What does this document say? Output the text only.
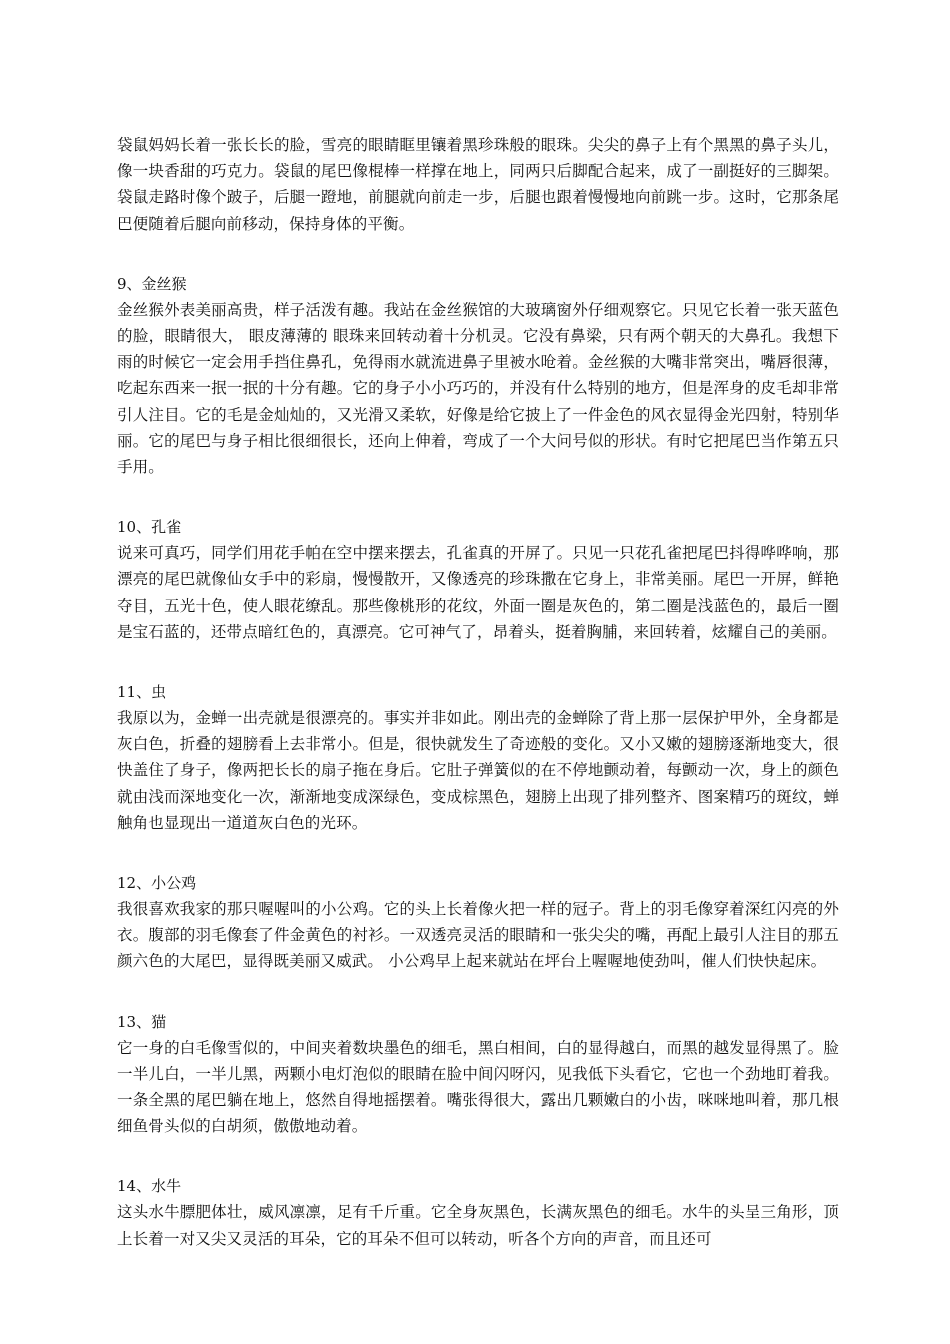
袋鼠妈妈长着一张长长的脸，雪亮的眼睛眶里镶着黑珍珠般的眼珠。尖尖的鼻子上有个黑黑的鼻子头儿，像一块香甜的巧克力。袋鼠的尾巴像棍棒一样撑在地上，同两只后脚配合起来，成了一副挺好的三脚架。袋鼠走路时像个跛子，后腿一蹬地，前腿就向前走一步，后腿也跟着慢慢地向前跳一步。这时，它那条尾巴便随着后腿向前移动，保持身体的平衡。

9、金丝猴

金丝猴外表美丽高贵，样子活泼有趣。我站在金丝猴馆的大玻璃窗外仔细观察它。只见它长着一张天蓝色的脸，眼睛很大， 眼皮薄薄的 眼珠来回转动着十分机灵。它没有鼻梁，只有两个朝天的大鼻孔。我想下雨的时候它一定会用手挡住鼻孔，免得雨水就流进鼻子里被水呛着。金丝猴的大嘴非常突出，嘴唇很薄，吃起东西来一抿一抿的十分有趣。它的身子小小巧巧的，并没有什么特别的地方，但是浑身的皮毛却非常引人注目。它的毛是金灿灿的，又光滑又柔软，好像是给它披上了一件金色的风衣显得金光四射，特别华丽。它的尾巴与身子相比很细很长，还向上伸着，弯成了一个大问号似的形状。有时它把尾巴当作第五只手用。

10、孔雀

说来可真巧，同学们用花手帕在空中摆来摆去，孔雀真的开屏了。只见一只花孔雀把尾巴抖得哗哗响，那漂亮的尾巴就像仙女手中的彩扇，慢慢散开，又像透亮的珍珠撒在它身上，非常美丽。尾巴一开屏，鲜艳夺目，五光十色，使人眼花缭乱。那些像桃形的花纹，外面一圈是灰色的，第二圈是浅蓝色的，最后一圈是宝石蓝的，还带点暗红色的，真漂亮。它可神气了，昂着头，挺着胸脯，来回转着，炫耀自己的美丽。

11、虫

我原以为，金蝉一出壳就是很漂亮的。事实并非如此。刚出壳的金蝉除了背上那一层保护甲外，全身都是灰白色，折叠的翅膀看上去非常小。但是，很快就发生了奇迹般的变化。又小又嫩的翅膀逐渐地变大，很快盖住了身子，像两把长长的扇子拖在身后。它肚子弹簧似的在不停地颤动着，每颤动一次，身上的颜色就由浅而深地变化一次，渐渐地变成深绿色，变成棕黑色，翅膀上出现了排列整齐、图案精巧的斑纹，蝉触角也显现出一道道灰白色的光环。

12、小公鸡

我很喜欢我家的那只喔喔叫的小公鸡。它的头上长着像火把一样的冠子。背上的羽毛像穿着深红闪亮的外衣。腹部的羽毛像套了件金黄色的衬衫。一双透亮灵活的眼睛和一张尖尖的嘴，再配上最引人注目的那五颜六色的大尾巴，显得既美丽又威武。 小公鸡早上起来就站在坪台上喔喔地使劲叫，催人们快快起床。

13、猫

它一身的白毛像雪似的，中间夹着数块墨色的细毛，黑白相间，白的显得越白，而黑的越发显得黑了。脸一半儿白，一半儿黑，两颗小电灯泡似的眼睛在脸中间闪呀闪，见我低下头看它，它也一个劲地盯着我。一条全黑的尾巴躺在地上，悠然自得地摇摆着。嘴张得很大，露出几颗嫩白的小齿，咪咪地叫着，那几根细鱼骨头似的白胡须，傲傲地动着。

14、水牛

这头水牛膘肥体壮，威风凛凛，足有千斤重。它全身灰黑色，长满灰黑色的细毛。水牛的头呈三角形，顶上长着一对又尖又灵活的耳朵，它的耳朵不但可以转动，听各个方向的声音，而且还可
